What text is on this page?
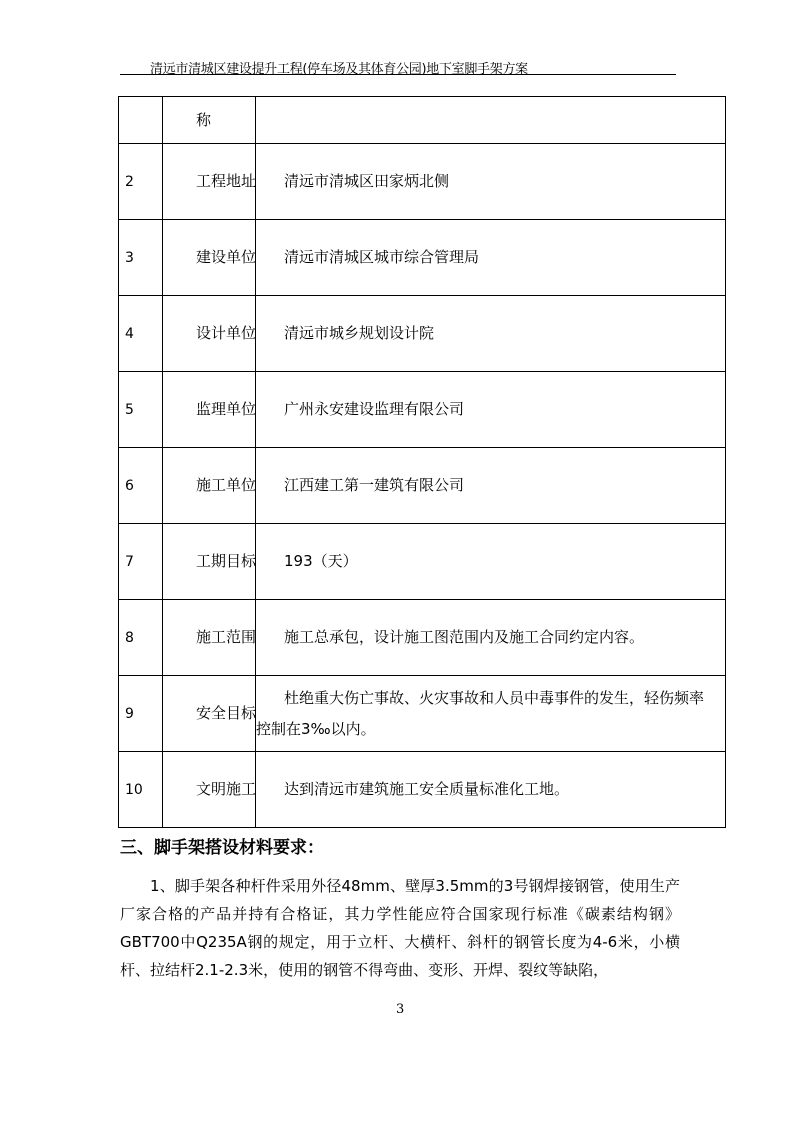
清远市清城区建设提升工程(停车场及其体育公园)地下室脚手架方案

	称	

2	工程地址	清远市清城区田家炳北侧

3	建设单位	清远市清城区城市综合管理局

4	设计单位	清远市城乡规划设计院

5	监理单位	广州永安建设监理有限公司

6	施工单位	江西建工第一建筑有限公司

7	工期目标	193（天）

8	施工范围	施工总承包，设计施工图范围内及施工合同约定内容。

9	安全目标	杜绝重大伤亡事故、火灾事故和人员中毒事件的发生，轻伤频率控制在3‰以内。

10	文明施工	达到清远市建筑施工安全质量标准化工地。
三、脚手架搭设材料要求：
1、脚手架各种杆件采用外径48mm、壁厚3.5mm的3号钢焊接钢管，使用生产厂家合格的产品并持有合格证，其力学性能应符合国家现行标准《碳素结构钢》GBT700中Q235A钢的规定，用于立杆、大横杆、斜杆的钢管长度为4-6米，小横杆、拉结杆2.1-2.3米，使用的钢管不得弯曲、变形、开焊、裂纹等缺陷，
3
